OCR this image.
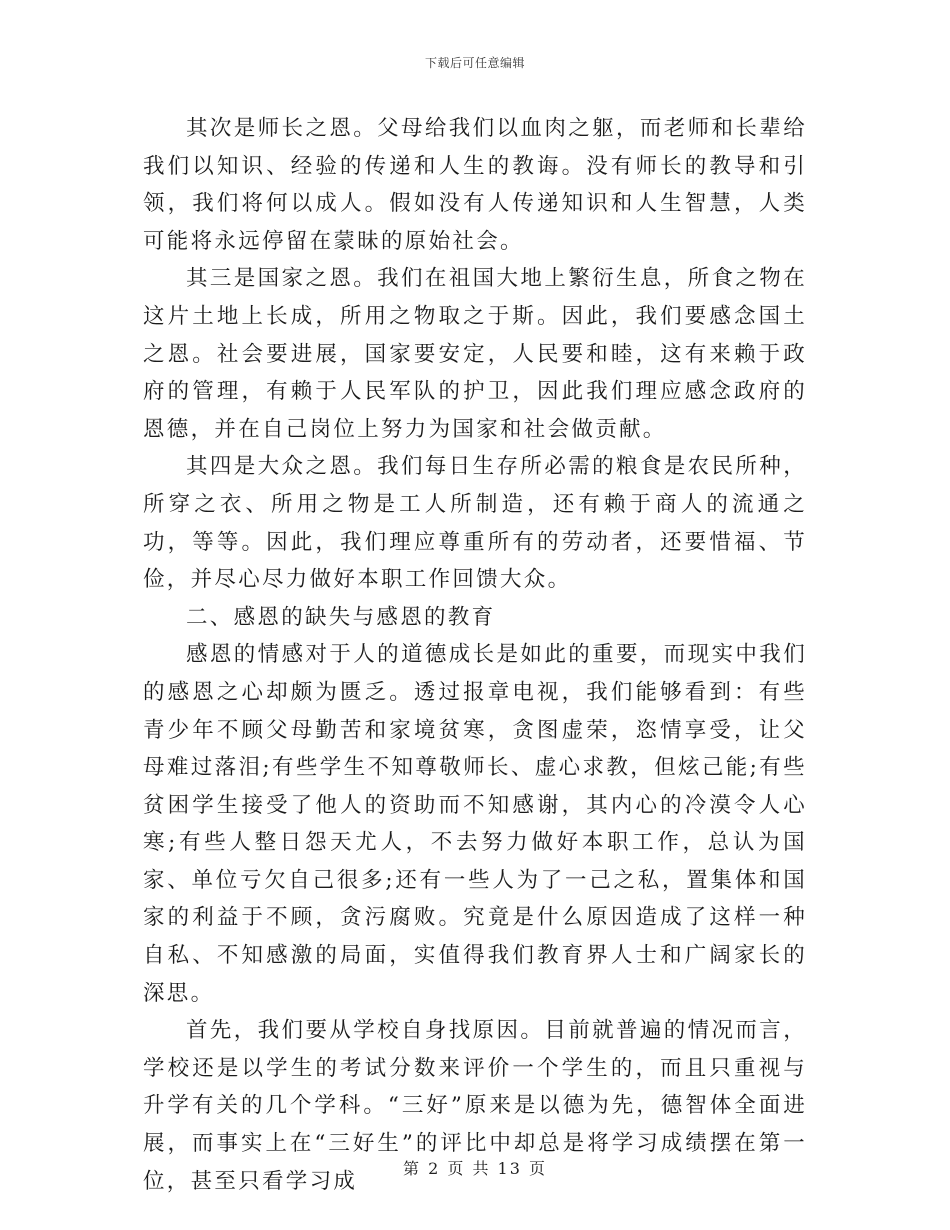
下载后可任意编辑

其次是师长之恩。父母给我们以血肉之躯，而老师和长辈给我们以知识、经验的传递和人生的教诲。没有师长的教导和引领，我们将何以成人。假如没有人传递知识和人生智慧，人类可能将永远停留在蒙昧的原始社会。

其三是国家之恩。我们在祖国大地上繁衍生息，所食之物在这片土地上长成，所用之物取之于斯。因此，我们要感念国土之恩。社会要进展，国家要安定，人民要和睦，这有来赖于政府的管理，有赖于人民军队的护卫，因此我们理应感念政府的恩德，并在自己岗位上努力为国家和社会做贡献。

其四是大众之恩。我们每日生存所必需的粮食是农民所种，所穿之衣、所用之物是工人所制造，还有赖于商人的流通之功，等等。因此，我们理应尊重所有的劳动者，还要惜福、节俭，并尽心尽力做好本职工作回馈大众。

二、感恩的缺失与感恩的教育

感恩的情感对于人的道德成长是如此的重要，而现实中我们的感恩之心却颇为匮乏。透过报章电视，我们能够看到：有些青少年不顾父母勤苦和家境贫寒，贪图虚荣，恣情享受，让父母难过落泪;有些学生不知尊敬师长、虚心求教，但炫己能;有些贫困学生接受了他人的资助而不知感谢，其内心的冷漠令人心寒;有些人整日怨天尤人，不去努力做好本职工作，总认为国家、单位亏欠自己很多;还有一些人为了一己之私，置集体和国家的利益于不顾，贪污腐败。究竟是什么原因造成了这样一种自私、不知感激的局面，实值得我们教育界人士和广阔家长的深思。

首先，我们要从学校自身找原因。目前就普遍的情况而言，学校还是以学生的考试分数来评价一个学生的，而且只重视与升学有关的几个学科。“三好”原来是以德为先，德智体全面进展，而事实上在“三好生”的评比中却总是将学习成绩摆在第一位，甚至只看学习成

第 2 页 共 13 页
